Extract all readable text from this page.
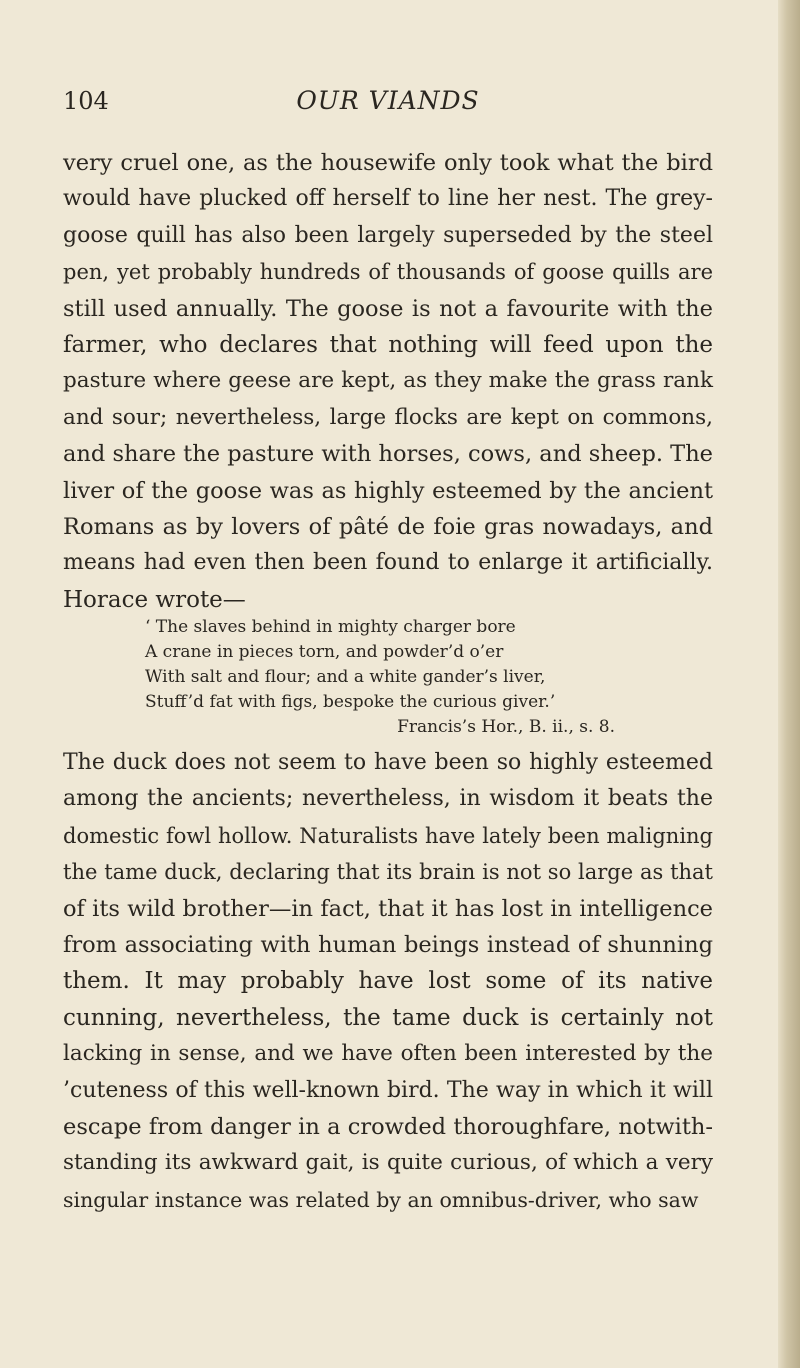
104	OUR VIANDS
very cruel one, as the housewife only took what the bird
would have plucked off herself to line her nest. The grey-
goose quill has also been largely superseded by the steel
pen, yet probably hundreds of thousands of goose quills are
still used annually. The goose is not a favourite with the
farmer, who declares that nothing will feed upon the
pasture where geese are kept, as they make the grass rank
and sour; nevertheless, large flocks are kept on commons,
and share the pasture with horses, cows, and sheep. The
liver of the goose was as highly esteemed by the ancient
Romans as by lovers of pâté de foie gras nowadays, and
means had even then been found to enlarge it artificially.
Horace wrote—
‘ The slaves behind in mighty charger bore
A crane in pieces torn, and powder’d o’er
With salt and flour; and a white gander’s liver,
Stuff’d fat with figs, bespoke the curious giver.’
Francis’s Hor., B. ii., s. 8.
The duck does not seem to have been so highly esteemed
among the ancients; nevertheless, in wisdom it beats the
domestic fowl hollow. Naturalists have lately been maligning
the tame duck, declaring that its brain is not so large as that
of its wild brother—in fact, that it has lost in intelligence
from associating with human beings instead of shunning
them. It may probably have lost some of its native
cunning, nevertheless, the tame duck is certainly not
lacking in sense, and we have often been interested by the
’cuteness of this well-known bird. The way in which it will
escape from danger in a crowded thoroughfare, notwith-
standing its awkward gait, is quite curious, of which a very
singular instance was related by an omnibus-driver, who saw
